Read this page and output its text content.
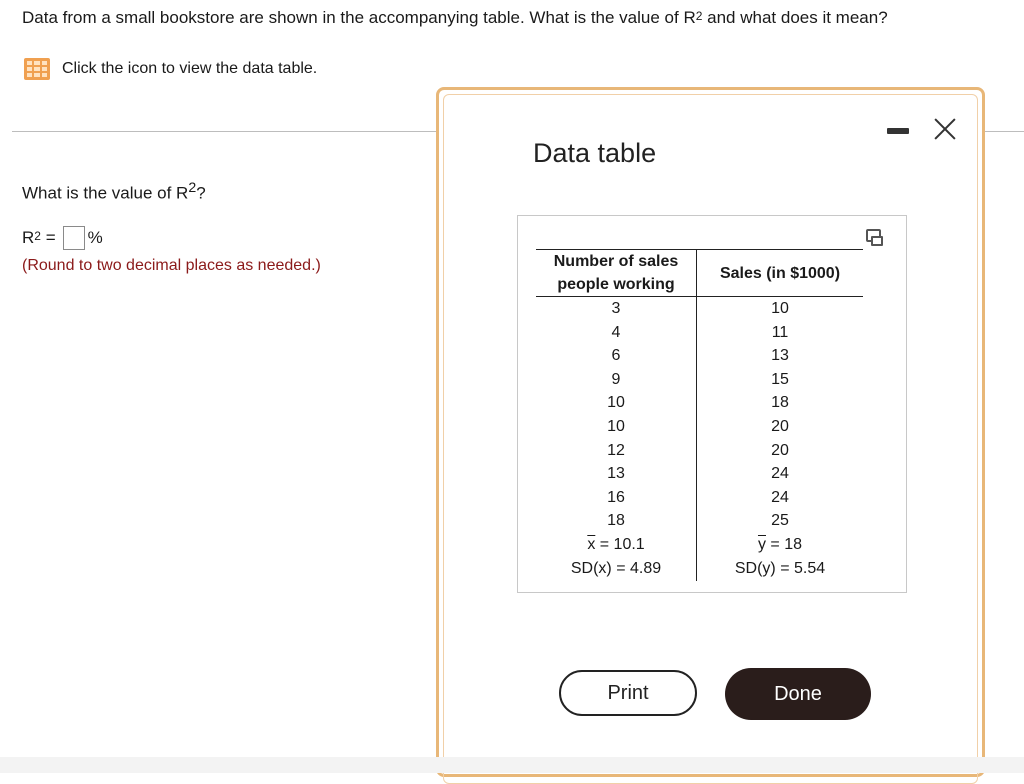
Data from a small bookstore are shown in the accompanying table. What is the value of $R^2$ and what does it mean?
Click the icon to view the data table.
What is the value of $R^2$?
$R^2$ = %
(Round to two decimal places as needed.)
Data table
Number of sales
people working	Sales (in $1000)
3	10
4	11
6	13
9	15
10	18
10	20
12	20
13	24
16	24
18	25
$\overline{x} = 10.1$	$\overline{y} = 18$
SD(x) = 4.89	SD(y) = 5.54
Print	Done
